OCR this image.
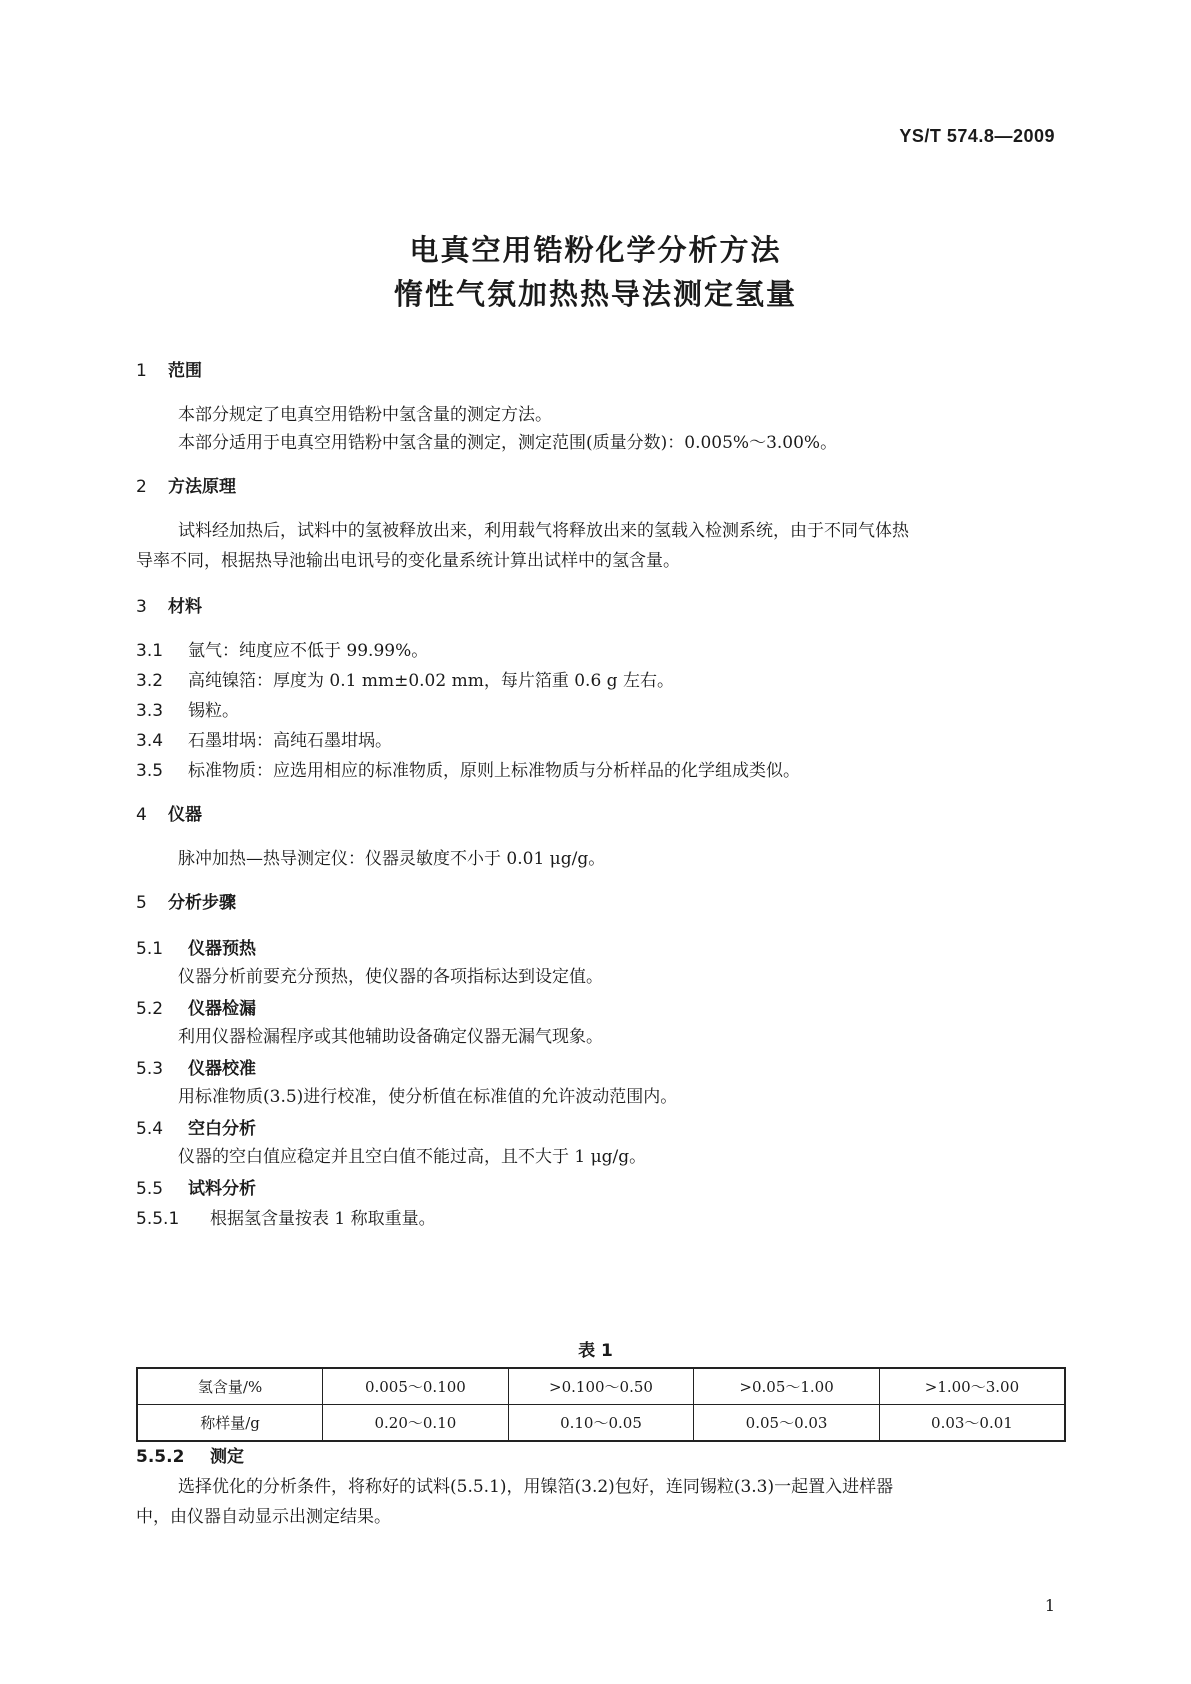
YS/T 574.8—2009
电真空用锆粉化学分析方法
惰性气氛加热热导法测定氢量
1 范围
本部分规定了电真空用锆粉中氢含量的测定方法。
本部分适用于电真空用锆粉中氢含量的测定，测定范围(质量分数)：0.005%～3.00%。
2 方法原理
试料经加热后，试料中的氢被释放出来，利用载气将释放出来的氢载入检测系统，由于不同气体热
导率不同，根据热导池输出电讯号的变化量系统计算出试样中的氢含量。
3 材料
3.1 氩气：纯度应不低于 99.99%。
3.2 高纯镍箔：厚度为 0.1 mm±0.02 mm，每片箔重 0.6 g 左右。
3.3 锡粒。
3.4 石墨坩埚：高纯石墨坩埚。
3.5 标准物质：应选用相应的标准物质，原则上标准物质与分析样品的化学组成类似。
4 仪器
脉冲加热—热导测定仪：仪器灵敏度不小于 0.01 μg/g。
5 分析步骤
5.1 仪器预热
仪器分析前要充分预热，使仪器的各项指标达到设定值。
5.2 仪器检漏
利用仪器检漏程序或其他辅助设备确定仪器无漏气现象。
5.3 仪器校准
用标准物质(3.5)进行校准，使分析值在标准值的允许波动范围内。
5.4 空白分析
仪器的空白值应稳定并且空白值不能过高，且不大于 1 μg/g。
5.5 试料分析
5.5.1 根据氢含量按表 1 称取重量。
表 1
氢含量/%	0.005～0.100	>0.100～0.50	>0.05～1.00	>1.00～3.00
称样量/g	0.20～0.10	0.10～0.05	0.05～0.03	0.03～0.01
5.5.2 测定
选择优化的分析条件，将称好的试料(5.5.1)，用镍箔(3.2)包好，连同锡粒(3.3)一起置入进样器
中，由仪器自动显示出测定结果。
1
